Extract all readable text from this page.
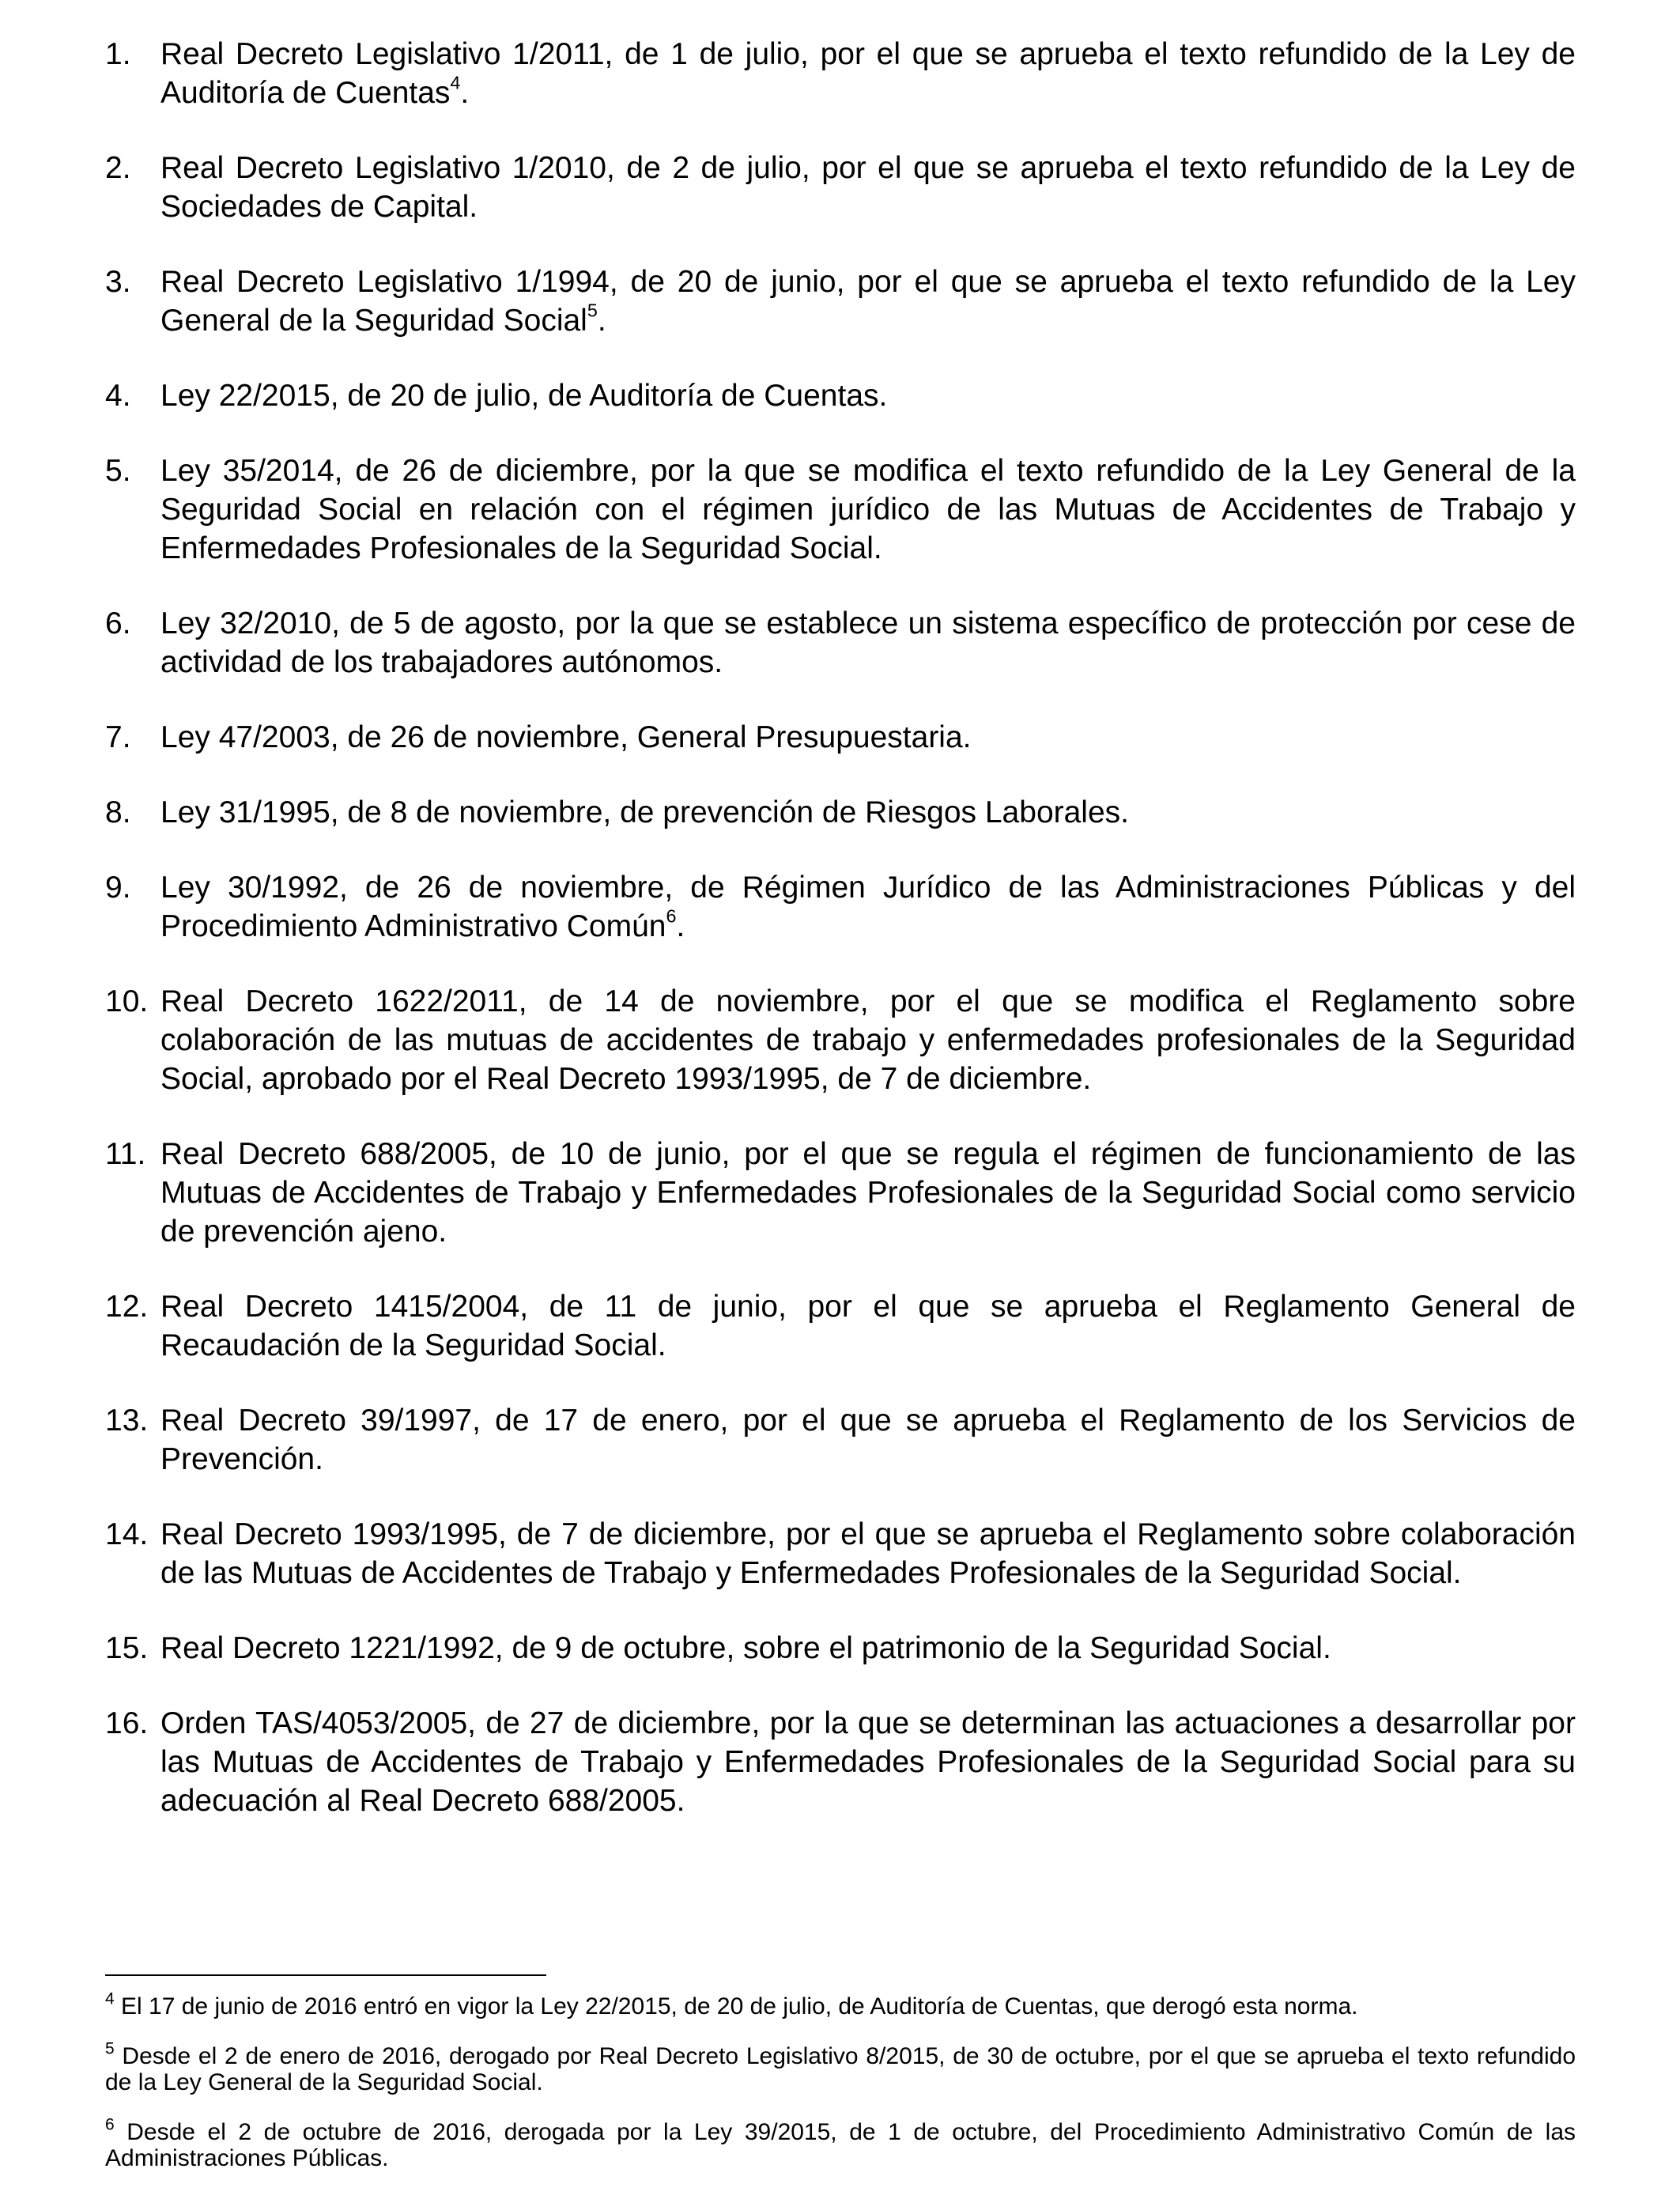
1. Real Decreto Legislativo 1/2011, de 1 de julio, por el que se aprueba el texto refundido de la Ley de Auditoría de Cuentas$^4$.
2. Real Decreto Legislativo 1/2010, de 2 de julio, por el que se aprueba el texto refundido de la Ley de Sociedades de Capital.
3. Real Decreto Legislativo 1/1994, de 20 de junio, por el que se aprueba el texto refundido de la Ley General de la Seguridad Social$^5$.
4. Ley 22/2015, de 20 de julio, de Auditoría de Cuentas.
5. Ley 35/2014, de 26 de diciembre, por la que se modifica el texto refundido de la Ley General de la Seguridad Social en relación con el régimen jurídico de las Mutuas de Accidentes de Trabajo y Enfermedades Profesionales de la Seguridad Social.
6. Ley 32/2010, de 5 de agosto, por la que se establece un sistema específico de protección por cese de actividad de los trabajadores autónomos.
7. Ley 47/2003, de 26 de noviembre, General Presupuestaria.
8. Ley 31/1995, de 8 de noviembre, de prevención de Riesgos Laborales.
9. Ley 30/1992, de 26 de noviembre, de Régimen Jurídico de las Administraciones Públicas y del Procedimiento Administrativo Común$^6$.
10. Real Decreto 1622/2011, de 14 de noviembre, por el que se modifica el Reglamento sobre colaboración de las mutuas de accidentes de trabajo y enfermedades profesionales de la Seguridad Social, aprobado por el Real Decreto 1993/1995, de 7 de diciembre.
11. Real Decreto 688/2005, de 10 de junio, por el que se regula el régimen de funcionamiento de las Mutuas de Accidentes de Trabajo y Enfermedades Profesionales de la Seguridad Social como servicio de prevención ajeno.
12. Real Decreto 1415/2004, de 11 de junio, por el que se aprueba el Reglamento General de Recaudación de la Seguridad Social.
13. Real Decreto 39/1997, de 17 de enero, por el que se aprueba el Reglamento de los Servicios de Prevención.
14. Real Decreto 1993/1995, de 7 de diciembre, por el que se aprueba el Reglamento sobre colaboración de las Mutuas de Accidentes de Trabajo y Enfermedades Profesionales de la Seguridad Social.
15. Real Decreto 1221/1992, de 9 de octubre, sobre el patrimonio de la Seguridad Social.
16. Orden TAS/4053/2005, de 27 de diciembre, por la que se determinan las actuaciones a desarrollar por las Mutuas de Accidentes de Trabajo y Enfermedades Profesionales de la Seguridad Social para su adecuación al Real Decreto 688/2005.

$^4$ El 17 de junio de 2016 entró en vigor la Ley 22/2015, de 20 de julio, de Auditoría de Cuentas, que derogó esta norma.

$^5$ Desde el 2 de enero de 2016, derogado por Real Decreto Legislativo 8/2015, de 30 de octubre, por el que se aprueba el texto refundido de la Ley General de la Seguridad Social.

$^6$ Desde el 2 de octubre de 2016, derogada por la Ley 39/2015, de 1 de octubre, del Procedimiento Administrativo Común de las Administraciones Públicas.
